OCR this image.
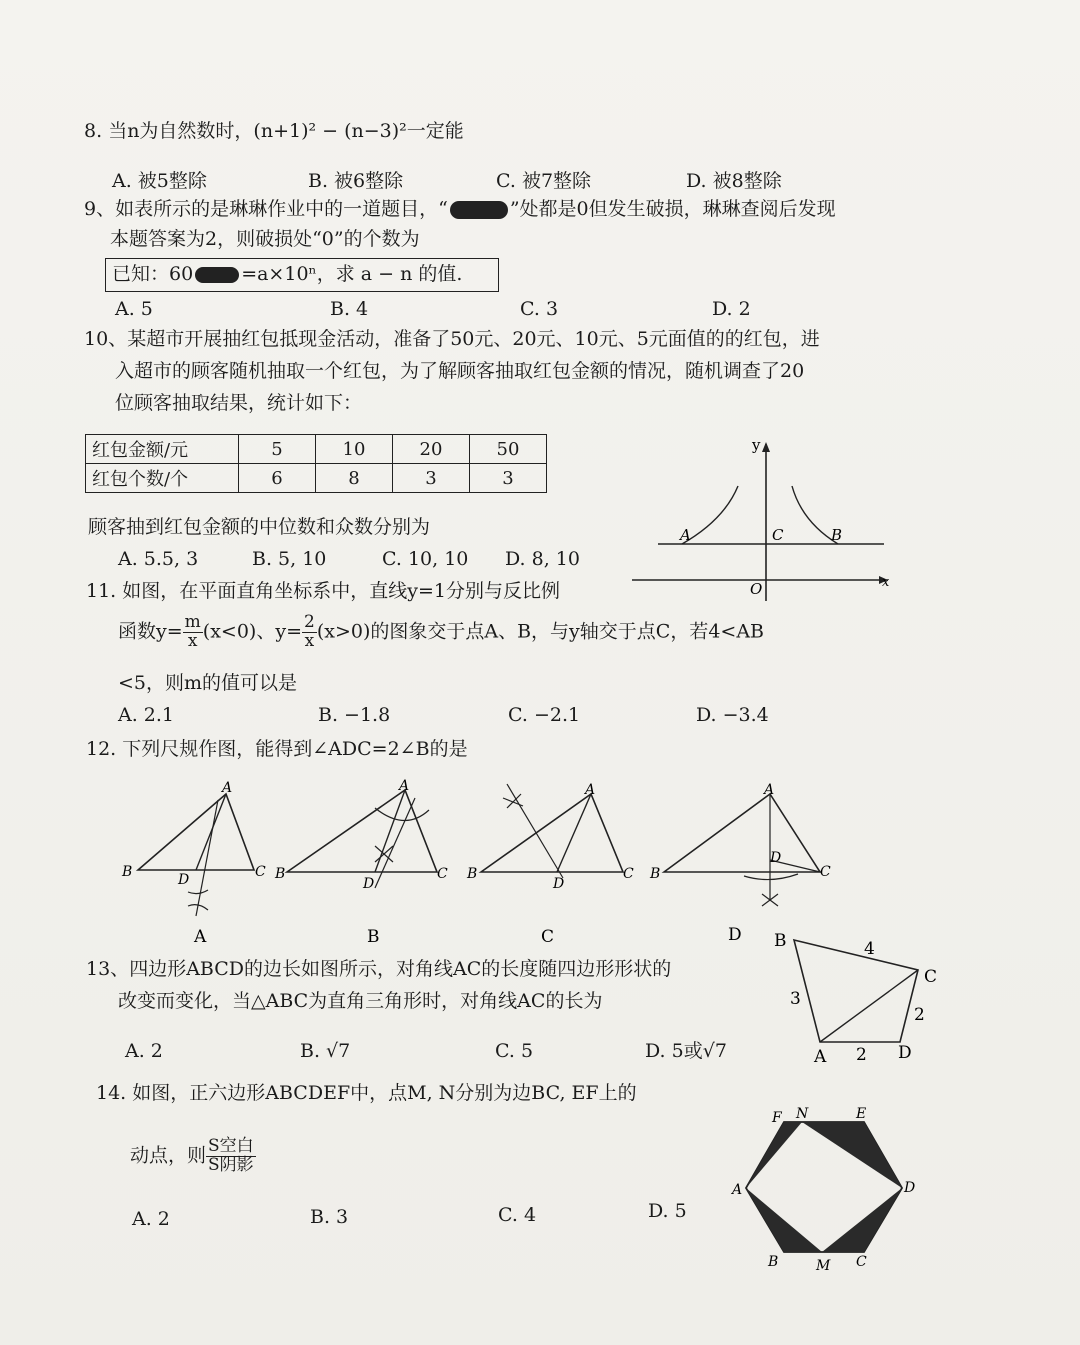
8. 当n为自然数时，(n+1)² − (n−3)²一定能
A. 被5整除	B. 被6整除	C. 被7整除	D. 被8整除
9、如表所示的是琳琳作业中的一道题目，“	”处都是0但发生破损，琳琳查阅后发现
本题答案为2，则破损处“0”的个数为
已知：60	=a×10ⁿ，求 a − n 的值.
A. 5	B. 4	C. 3	D. 2
10、某超市开展抽红包抵现金活动，准备了50元、20元、10元、5元面值的的红包，进
入超市的顾客随机抽取一个红包，为了解顾客抽取红包金额的情况，随机调查了20
位顾客抽取结果，统计如下：
红包金额/元	5	10	20	50
红包个数/个	6	8	3	3
顾客抽到红包金额的中位数和众数分别为
A. 5.5, 3	B. 5, 10	C. 10, 10 D. 8, 10
y
x
O
A	B
C
11. 如图，在平面直角坐标系中，直线y=1分别与反比例
函数$y= \frac{m}{x} (x<0)$、$y= \frac{2}{x} (x>0)$的图象交于点A、B，与y轴交于点C，若4<AB
<5，则m的值可以是
A. 2.1	B. −1.8	C. −2.1	D. −3.4
12. 下列尺规作图，能得到∠ADC=2∠B的是
A
B	C
D
A
A
B	C
D
B
A
B	C
D
C
A
B	C
D
D B
C
A	D
4
3
2
2
13、四边形ABCD的边长如图所示，对角线AC的长度随四边形形状的
改变而变化，当△ABC为直角三角形时，对角线AC的长为
A. 2	B. √7	C. 5	D. 5或√7
14. 如图，正六边形ABCDEF中，点M, N分别为边BC, EF上的
动点，则 $\frac{\text{S空白}}{\text{S阴影}}$
A. 2	B. 3	C. 4	D. 5
F N	E
A	D
B	M C
